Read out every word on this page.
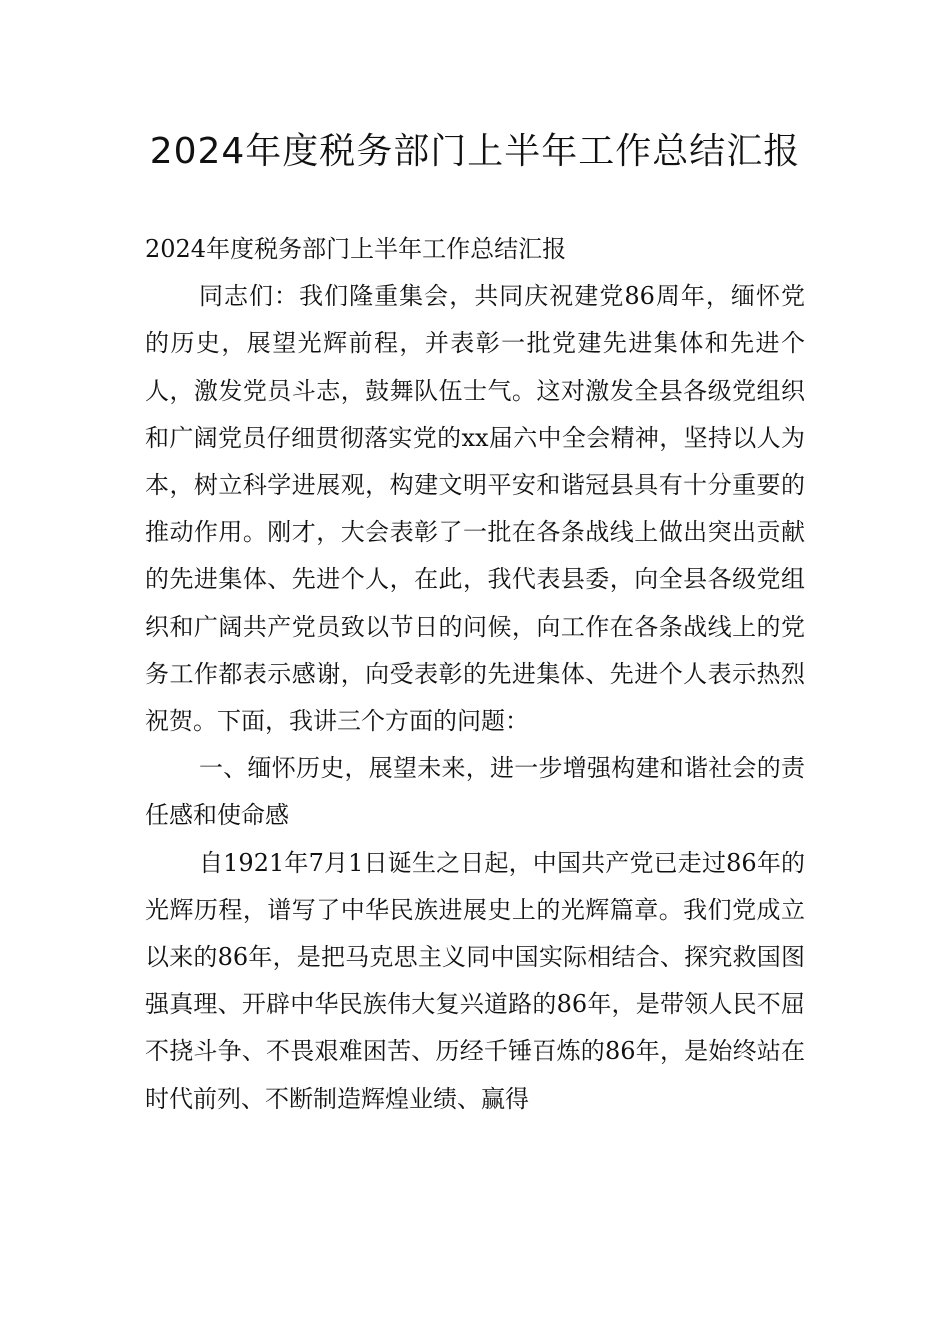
2024年度税务部门上半年工作总结汇报

2024年度税务部门上半年工作总结汇报

同志们：我们隆重集会，共同庆祝建党86周年，缅怀党的历史，展望光辉前程，并表彰一批党建先进集体和先进个人，激发党员斗志，鼓舞队伍士气。这对激发全县各级党组织和广阔党员仔细贯彻落实党的xx届六中全会精神，坚持以人为本，树立科学进展观，构建文明平安和谐冠县具有十分重要的推动作用。刚才，大会表彰了一批在各条战线上做出突出贡献的先进集体、先进个人，在此，我代表县委，向全县各级党组织和广阔共产党员致以节日的问候，向工作在各条战线上的党务工作都表示感谢，向受表彰的先进集体、先进个人表示热烈祝贺。下面，我讲三个方面的问题：

一、缅怀历史，展望未来，进一步增强构建和谐社会的责任感和使命感

自1921年7月1日诞生之日起，中国共产党已走过86年的光辉历程，谱写了中华民族进展史上的光辉篇章。我们党成立以来的86年，是把马克思主义同中国实际相结合、探究救国图强真理、开辟中华民族伟大复兴道路的86年，是带领人民不屈不挠斗争、不畏艰难困苦、历经千锤百炼的86年，是始终站在时代前列、不断制造辉煌业绩、赢得
